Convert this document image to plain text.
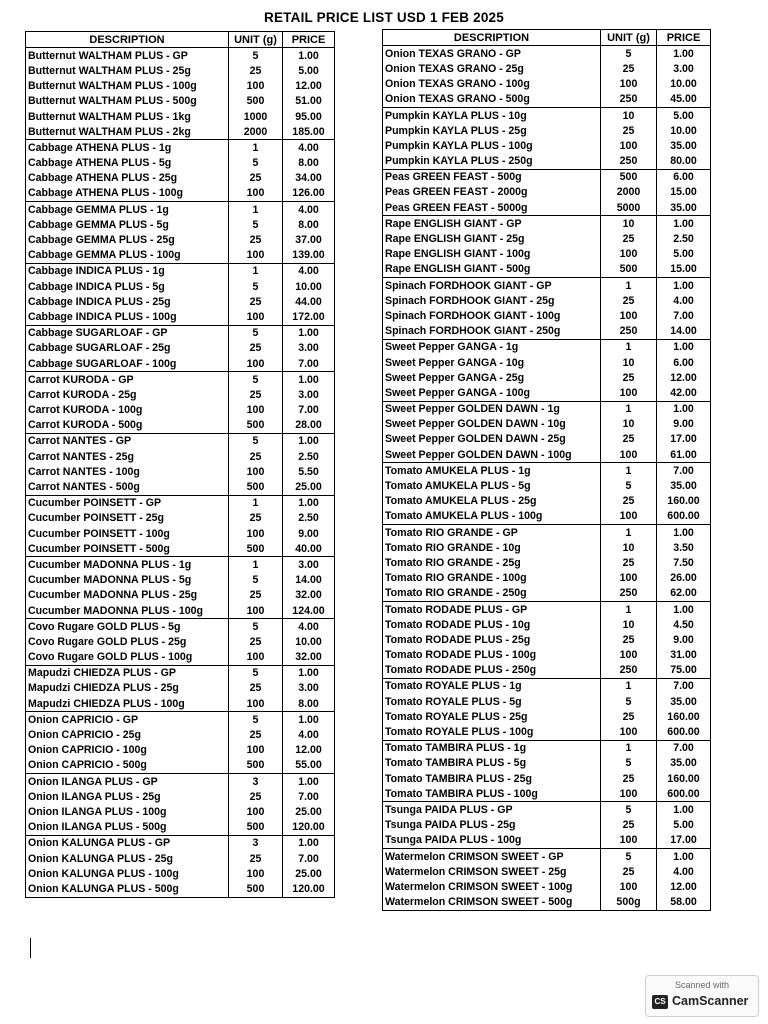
RETAIL PRICE LIST USD 1 FEB 2025
DESCRIPTION	UNIT (g)	PRICE
Butternut WALTHAM PLUS - GP	5	1.00
Butternut WALTHAM PLUS - 25g	25	5.00
Butternut WALTHAM PLUS - 100g	100	12.00
Butternut WALTHAM PLUS - 500g	500	51.00
Butternut WALTHAM PLUS - 1kg	1000	95.00
Butternut WALTHAM PLUS - 2kg	2000	185.00
Cabbage ATHENA PLUS - 1g	1	4.00
Cabbage ATHENA PLUS - 5g	5	8.00
Cabbage ATHENA PLUS - 25g	25	34.00
Cabbage ATHENA PLUS - 100g	100	126.00
Cabbage GEMMA PLUS - 1g	1	4.00
Cabbage GEMMA PLUS - 5g	5	8.00
Cabbage GEMMA PLUS - 25g	25	37.00
Cabbage GEMMA PLUS - 100g	100	139.00
Cabbage INDICA PLUS - 1g	1	4.00
Cabbage INDICA PLUS - 5g	5	10.00
Cabbage INDICA PLUS - 25g	25	44.00
Cabbage INDICA PLUS - 100g	100	172.00
Cabbage SUGARLOAF - GP	5	1.00
Cabbage SUGARLOAF - 25g	25	3.00
Cabbage SUGARLOAF - 100g	100	7.00
Carrot KURODA - GP	5	1.00
Carrot KURODA - 25g	25	3.00
Carrot KURODA - 100g	100	7.00
Carrot KURODA - 500g	500	28.00
Carrot NANTES - GP	5	1.00
Carrot NANTES - 25g	25	2.50
Carrot NANTES - 100g	100	5.50
Carrot NANTES - 500g	500	25.00
Cucumber POINSETT - GP	1	1.00
Cucumber POINSETT - 25g	25	2.50
Cucumber POINSETT - 100g	100	9.00
Cucumber POINSETT - 500g	500	40.00
Cucumber MADONNA PLUS - 1g	1	3.00
Cucumber MADONNA PLUS - 5g	5	14.00
Cucumber MADONNA PLUS - 25g	25	32.00
Cucumber MADONNA PLUS - 100g	100	124.00
Covo Rugare GOLD PLUS - 5g	5	4.00
Covo Rugare GOLD PLUS - 25g	25	10.00
Covo Rugare GOLD PLUS - 100g	100	32.00
Mapudzi CHIEDZA PLUS - GP	5	1.00
Mapudzi CHIEDZA PLUS - 25g	25	3.00
Mapudzi CHIEDZA PLUS - 100g	100	8.00
Onion CAPRICIO - GP	5	1.00
Onion CAPRICIO - 25g	25	4.00
Onion CAPRICIO - 100g	100	12.00
Onion CAPRICIO - 500g	500	55.00
Onion ILANGA PLUS - GP	3	1.00
Onion ILANGA PLUS - 25g	25	7.00
Onion ILANGA PLUS - 100g	100	25.00
Onion ILANGA PLUS - 500g	500	120.00
Onion KALUNGA PLUS - GP	3	1.00
Onion KALUNGA PLUS - 25g	25	7.00
Onion KALUNGA PLUS - 100g	100	25.00
Onion KALUNGA PLUS - 500g	500	120.00
DESCRIPTION	UNIT (g)	PRICE
Onion TEXAS GRANO - GP	5	1.00
Onion TEXAS GRANO - 25g	25	3.00
Onion TEXAS GRANO - 100g	100	10.00
Onion TEXAS GRANO - 500g	250	45.00
Pumpkin KAYLA PLUS - 10g	10	5.00
Pumpkin KAYLA PLUS - 25g	25	10.00
Pumpkin KAYLA PLUS - 100g	100	35.00
Pumpkin KAYLA PLUS - 250g	250	80.00
Peas GREEN FEAST - 500g	500	6.00
Peas GREEN FEAST - 2000g	2000	15.00
Peas GREEN FEAST - 5000g	5000	35.00
Rape ENGLISH GIANT - GP	10	1.00
Rape ENGLISH GIANT - 25g	25	2.50
Rape ENGLISH GIANT - 100g	100	5.00
Rape ENGLISH GIANT - 500g	500	15.00
Spinach FORDHOOK GIANT - GP	1	1.00
Spinach FORDHOOK GIANT - 25g	25	4.00
Spinach FORDHOOK GIANT - 100g	100	7.00
Spinach FORDHOOK GIANT - 250g	250	14.00
Sweet Pepper GANGA - 1g	1	1.00
Sweet Pepper GANGA - 10g	10	6.00
Sweet Pepper GANGA - 25g	25	12.00
Sweet Pepper GANGA - 100g	100	42.00
Sweet Pepper GOLDEN DAWN - 1g	1	1.00
Sweet Pepper GOLDEN DAWN - 10g	10	9.00
Sweet Pepper GOLDEN DAWN - 25g	25	17.00
Sweet Pepper GOLDEN DAWN - 100g	100	61.00
Tomato AMUKELA PLUS - 1g	1	7.00
Tomato AMUKELA PLUS - 5g	5	35.00
Tomato AMUKELA PLUS - 25g	25	160.00
Tomato AMUKELA PLUS - 100g	100	600.00
Tomato RIO GRANDE - GP	1	1.00
Tomato RIO GRANDE - 10g	10	3.50
Tomato RIO GRANDE - 25g	25	7.50
Tomato RIO GRANDE - 100g	100	26.00
Tomato RIO GRANDE - 250g	250	62.00
Tomato RODADE PLUS - GP	1	1.00
Tomato RODADE PLUS - 10g	10	4.50
Tomato RODADE PLUS - 25g	25	9.00
Tomato RODADE PLUS - 100g	100	31.00
Tomato RODADE PLUS - 250g	250	75.00
Tomato ROYALE PLUS - 1g	1	7.00
Tomato ROYALE PLUS - 5g	5	35.00
Tomato ROYALE PLUS - 25g	25	160.00
Tomato ROYALE PLUS - 100g	100	600.00
Tomato TAMBIRA PLUS - 1g	1	7.00
Tomato TAMBIRA PLUS - 5g	5	35.00
Tomato TAMBIRA PLUS - 25g	25	160.00
Tomato TAMBIRA PLUS - 100g	100	600.00
Tsunga PAIDA PLUS - GP	5	1.00
Tsunga PAIDA PLUS - 25g	25	5.00
Tsunga PAIDA PLUS - 100g	100	17.00
Watermelon CRIMSON SWEET - GP	5	1.00
Watermelon CRIMSON SWEET - 25g	25	4.00
Watermelon CRIMSON SWEET - 100g	100	12.00
Watermelon CRIMSON SWEET - 500g	500g	58.00
Scanned with
CS CamScanner
